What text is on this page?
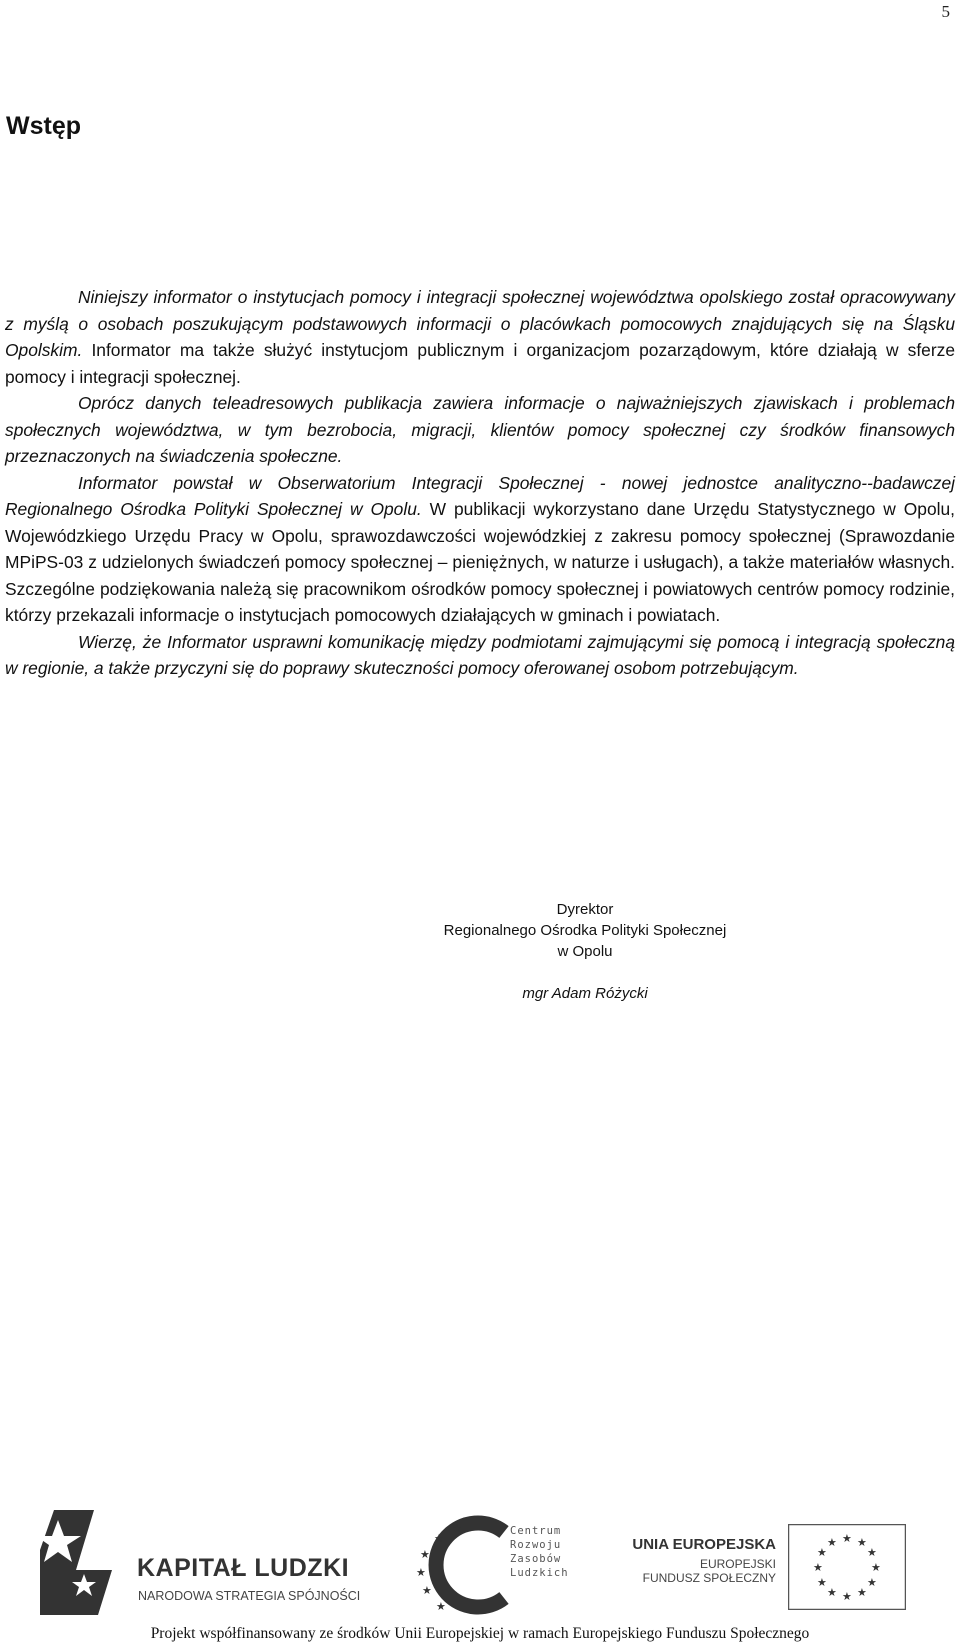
5
Wstęp

Niniejszy informator o instytucjach pomocy i integracji społecznej województwa opolskiego został opracowywany z myślą o osobach poszukującym podstawowych informacji o placówkach pomocowych znajdujących się na Śląsku Opolskim. Informator ma także służyć instytucjom publicznym i organizacjom pozarządowym, które działają w sferze pomocy i integracji społecznej.

Oprócz danych teleadresowych publikacja zawiera informacje o najważniejszych zjawiskach i problemach społecznych województwa, w tym bezrobocia, migracji, klientów pomocy społecznej czy środków finansowych przeznaczonych na świadczenia społeczne.

Informator powstał w Obserwatorium Integracji Społecznej - nowej jednostce analityczno--badawczej Regionalnego Ośrodka Polityki Społecznej w Opolu. W publikacji wykorzystano dane Urzędu Statystycznego w Opolu, Wojewódzkiego Urzędu Pracy w Opolu, sprawozdawczości wojewódzkiej z zakresu pomocy społecznej (Sprawozdanie MPiPS-03 z udzielonych świadczeń pomocy społecznej – pieniężnych, w naturze i usługach), a także materiałów własnych. Szczególne podziękowania należą się pracownikom ośrodków pomocy społecznej i powiatowych centrów pomocy rodzinie, którzy przekazali informacje o instytucjach pomocowych działających w gminach i powiatach.

Wierzę, że Informator usprawni komunikację między podmiotami zajmującymi się pomocą i integracją społeczną w regionie, a także przyczyni się do poprawy skuteczności pomocy oferowanej osobom potrzebującym.

Dyrektor
Regionalnego Ośrodka Polityki Społecznej
w Opolu
mgr Adam Różycki
KAPITAŁ LUDZKI
NARODOWA STRATEGIA SPÓJNOŚCI
★
★
★
★
★
★	Centrum
Rozwoju
Zasobów
Ludzkich
UNIA EUROPEJSKA
EUROPEJSKI
FUNDUSZ SPOŁECZNY
★ ★
★
★
★
★
★
★
★
★
★
★
Projekt współfinansowany ze środków Unii Europejskiej w ramach Europejskiego Funduszu Społecznego
